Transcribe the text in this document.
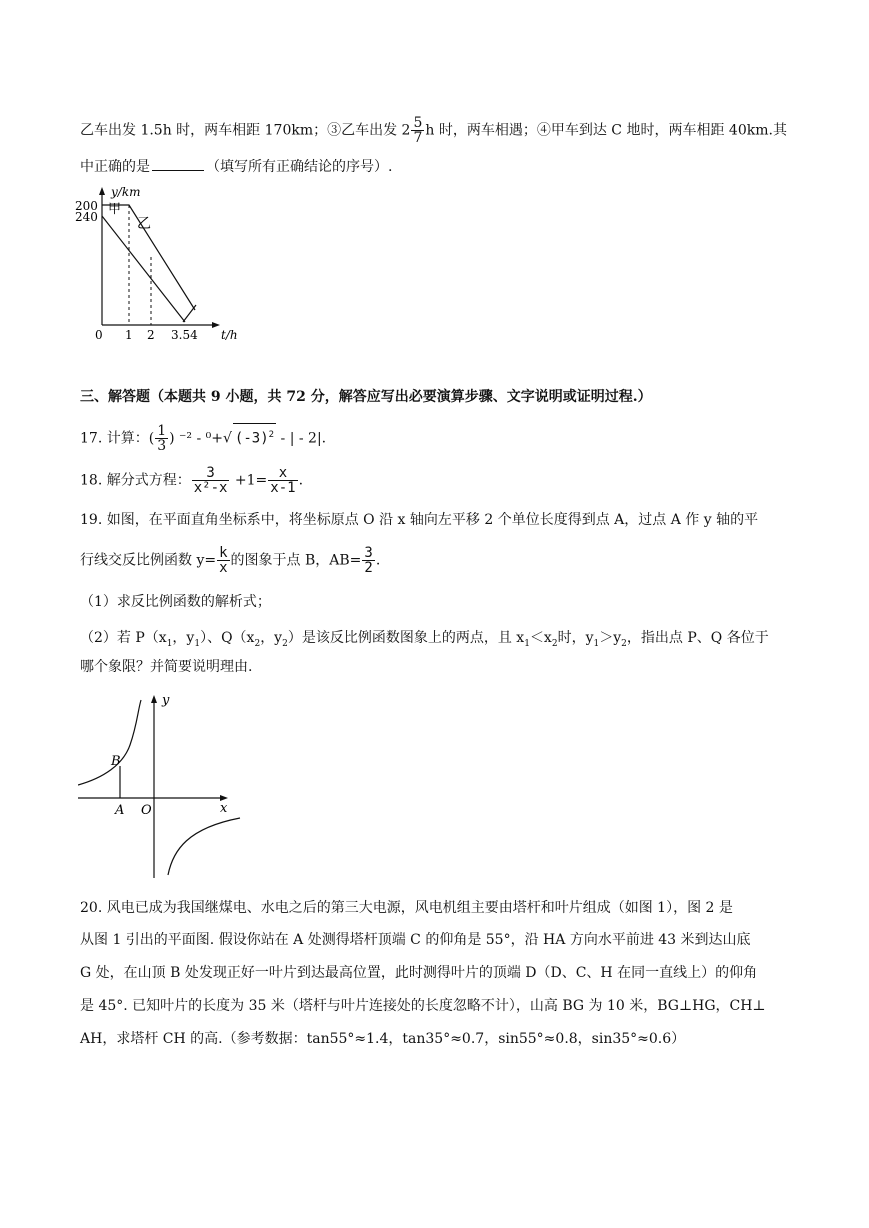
乙车出发 1.5h 时，两车相距 170km；③乙车出发 $2 \frac{5}{7}$ h 时，两车相遇；④甲车到达 C 地时，两车相距 40km.其
中正确的是	（填写所有正确结论的序号）.
y/km
甲
乙
240
200
0 1 2 3.54 t/h
三、解答题（本题共 9 小题，共 72 分，解答应写出必要演算步骤、文字说明或证明过程.）
17. 计算：( $\frac{1}{3}$ ) ⁻² - ⁰+√ $(-3)^2$ - | - 2|.
18. 解分式方程： $\frac{3}{\text{x²-x}} +1= \frac{x}{x-1}$ .
19. 如图，在平面直角坐标系中，将坐标原点 O 沿 x 轴向左平移 2 个单位长度得到点 A，过点 A 作 y 轴的平
行线交反比例函数 $y= \frac{k}{x}$ 的图象于点 B，$AB= \frac{3}{2}$ .
（1）求反比例函数的解析式；
（2）若 $P(x_1$，$y_1$）、$Q(x_2$，$y_2$）是该反比例函数图象上的两点，且 $x_1<x_2$时，$y_1>y_2$，指出点 P、Q 各位于
哪个象限？并简要说明理由.
y
x
B
A O
20. 风电已成为我国继煤电、水电之后的第三大电源，风电机组主要由塔杆和叶片组成（如图 1），图 2 是
从图 1 引出的平面图. 假设你站在 A 处测得塔杆顶端 C 的仰角是 55°，沿 HA 方向水平前进 43 米到达山底
G 处，在山顶 B 处发现正好一叶片到达最高位置，此时测得叶片的顶端 D（D、C、H 在同一直线上）的仰角
是 45°. 已知叶片的长度为 35 米（塔杆与叶片连接处的长度忽略不计），山高 BG 为 10 米，BG⊥HG，CH⊥
AH，求塔杆 CH 的高.（参考数据：tan55°≈1.4，tan35°≈0.7，sin55°≈0.8，sin35°≈0.6）
